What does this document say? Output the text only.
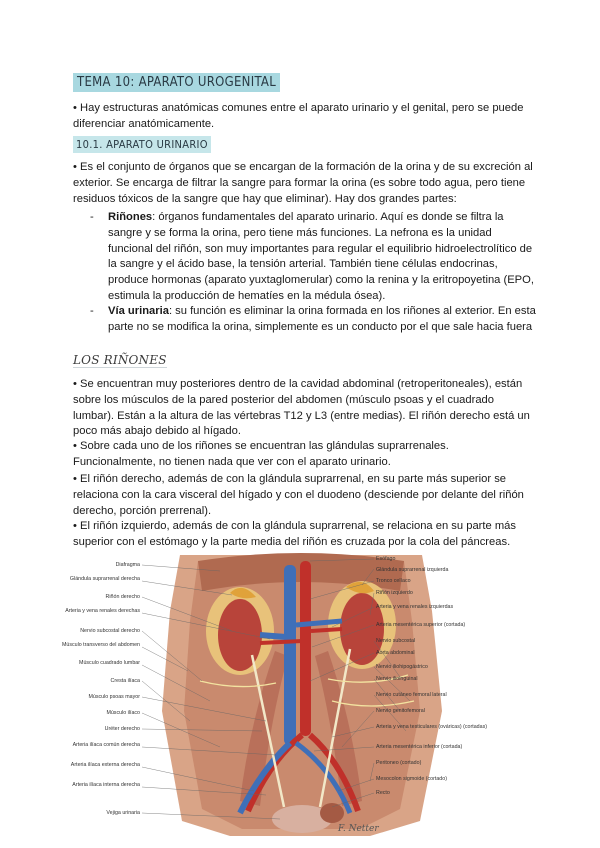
TEMA 10: APARATO UROGENITAL

• Hay estructuras anatómicas comunes entre el aparato urinario y el genital, pero se puede diferenciar anatómicamente.

10.1. APARATO URINARIO

• Es el conjunto de órganos que se encargan de la formación de la orina y de su excreción al exterior. Se encarga de filtrar la sangre para formar la orina (es sobre todo agua, pero tiene residuos tóxicos de la sangre que hay que eliminar). Hay dos grandes partes:

- Riñones: órganos fundamentales del aparato urinario. Aquí es donde se filtra la sangre y se forma la orina, pero tiene más funciones. La nefrona es la unidad funcional del riñón, son muy importantes para regular el equilibrio hidroelectrolítico de la sangre y el ácido base, la tensión arterial. También tiene células endocrinas, produce hormonas (aparato yuxtaglomerular) como la renina y la eritropoyetina (EPO, estimula la producción de hematíes en la médula ósea).

- Vía urinaria: su función es eliminar la orina formada en los riñones al exterior. En esta parte no se modifica la orina, simplemente es un conducto por el que sale hacia fuera

LOS RIÑONES

• Se encuentran muy posteriores dentro de la cavidad abdominal (retroperitoneales), están sobre los músculos de la pared posterior del abdomen (músculo psoas y el cuadrado lumbar). Están a la altura de las vértebras T12 y L3 (entre medias). El riñón derecho está un poco más abajo debido al hígado.

• Sobre cada uno de los riñones se encuentran las glándulas suprarrenales. Funcionalmente, no tienen nada que ver con el aparato urinario.

• El riñón derecho, además de con la glándula suprarrenal, en su parte más superior se relaciona con la cara visceral del hígado y con el duodeno (desciende por delante del riñón derecho, porción prerrenal).

• El riñón izquierdo, además de con la glándula suprarrenal, se relaciona en su parte más superior con el estómago y la parte media del riñón es cruzada por la cola del páncreas.

Diafragma
Glándula suprarrenal derecha
Riñón derecho
Arteria y vena renales derechas
Nervio subcostal derecho
Músculo transverso del abdomen
Músculo cuadrado lumbar
Cresta ilíaca
Músculo psoas mayor
Músculo ilíaco
Uréter derecho
Arteria ilíaca común derecha
Arteria ilíaca externa derecha
Arteria ilíaca interna derecha
Vejiga urinaria
Esófago
Glándula suprarrenal izquierda
Tronco celíaco
Riñón izquierdo
Arteria y vena renales izquierdas
Arteria mesentérica superior (cortada)
Nervio subcostal
Aorta abdominal
Nervio iliohipogástrico
Nervio ilioinguinal
Nervio cutáneo femoral lateral
Nervio genitofemoral
Arteria y vena testiculares (ováricas) (cortadas)
Arteria mesentérica inferior (cortada)
Peritoneo (cortado)
Mesocolon sigmoide (cortado)
Recto
F. Netter
